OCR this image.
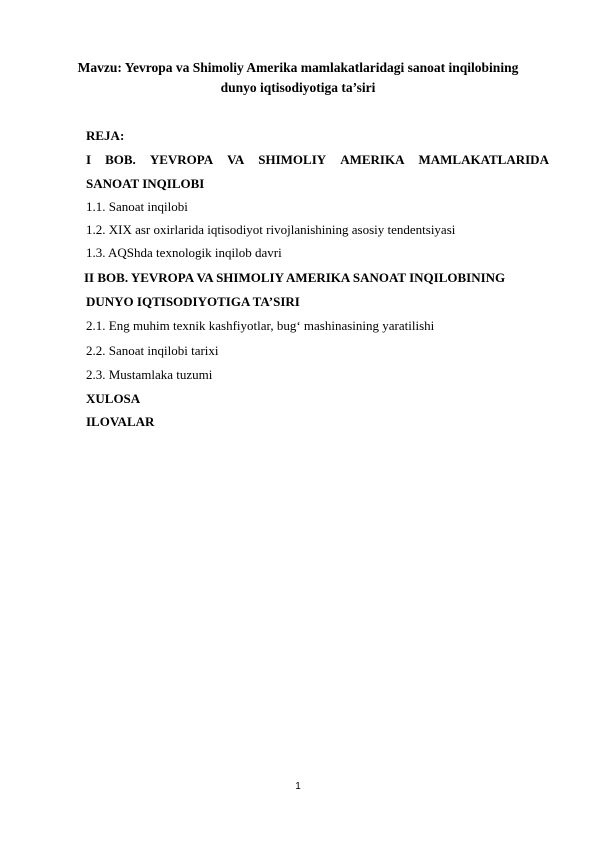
Mavzu: Yevropa va Shimoliy Amerika mamlakatlaridagi sanoat inqilobining
dunyo iqtisodiyotiga ta’siri
REJA:
I BOB. YEVROPA VA SHIMOLIY AMERIKA MAMLAKATLARIDA
SANOAT INQILOBI
1.1. Sanoat inqilobi
1.2. XIX asr oxirlarida iqtisodiyot rivojlanishining asosiy tendentsiyasi
1.3. AQShda texnologik inqilob davri
II BOB. YEVROPA VA SHIMOLIY AMERIKA SANOAT INQILOBINING
DUNYO IQTISODIYOTIGA TA’SIRI
2.1. Eng muhim texnik kashfiyotlar, bug‘ mashinasining yaratilishi
2.2. Sanoat inqilobi tarixi
2.3. Mustamlaka tuzumi
XULOSA
ILOVALAR
1
